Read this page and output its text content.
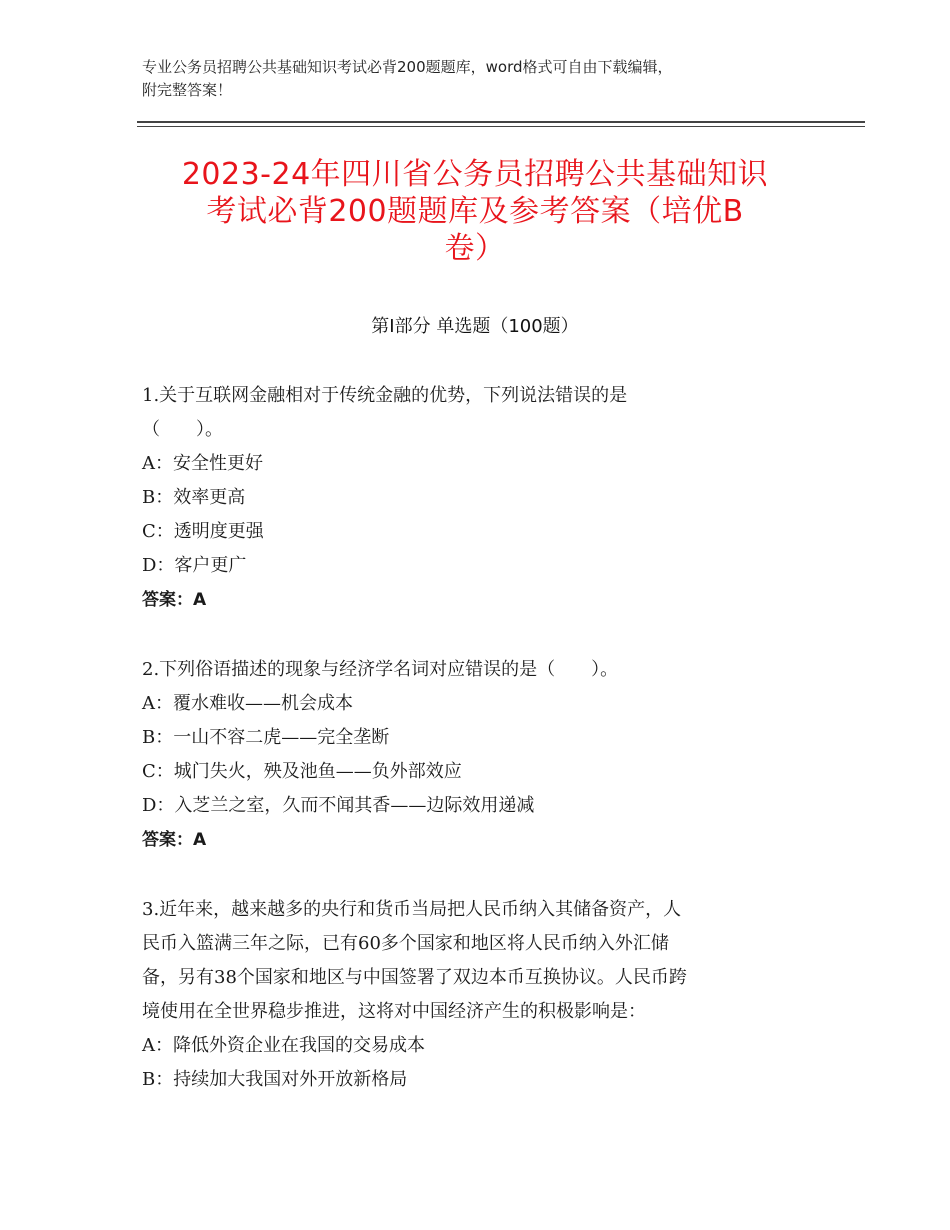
专业公务员招聘公共基础知识考试必背200题题库，word格式可自由下载编辑，
附完整答案！
2023-24年四川省公务员招聘公共基础知识
考试必背200题题库及参考答案（培优B
卷）
第Ⅰ部分 单选题（100题）

1.关于互联网金融相对于传统金融的优势，下列说法错误的是

（　　）。

A：安全性更好

B：效率更高

C：透明度更强

D：客户更广

答案：A

2.下列俗语描述的现象与经济学名词对应错误的是（　　）。

A：覆水难收——机会成本

B：一山不容二虎——完全垄断

C：城门失火，殃及池鱼——负外部效应

D：入芝兰之室，久而不闻其香——边际效用递减

答案：A

3.近年来，越来越多的央行和货币当局把人民币纳入其储备资产，人

民币入篮满三年之际，已有60多个国家和地区将人民币纳入外汇储

备，另有38个国家和地区与中国签署了双边本币互换协议。人民币跨

境使用在全世界稳步推进，这将对中国经济产生的积极影响是：

A：降低外资企业在我国的交易成本

B：持续加大我国对外开放新格局
